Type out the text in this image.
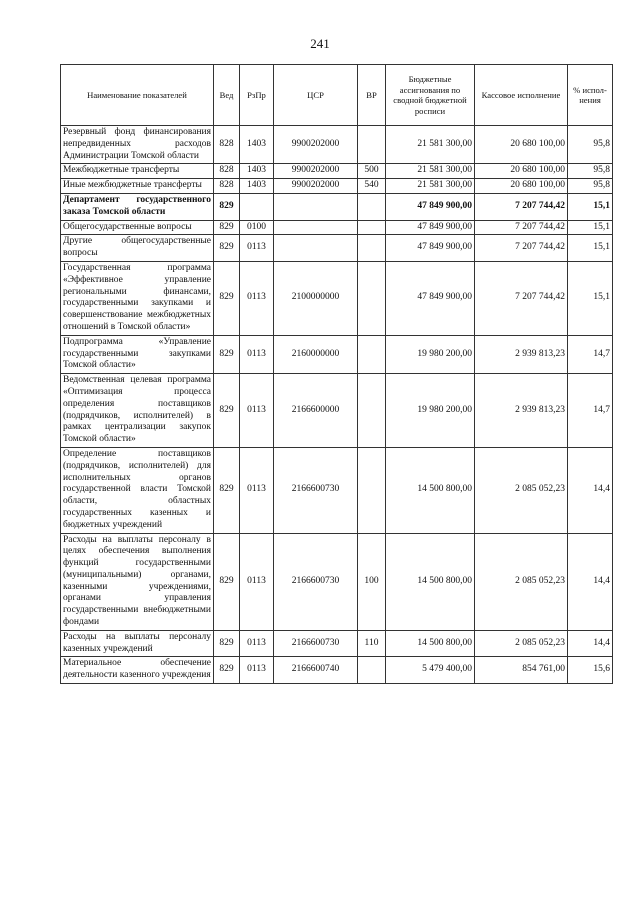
241
Наименование показателей	Вед	РзПр	ЦСР	ВР	Бюджетные ассигнования по сводной бюджетной росписи	Кассовое исполнение	% испол-нения
Резервный фонд финансирования непредвиденных расходов Администрации Томской области	828	1403	9900202000		21 581 300,00	20 680 100,00	95,8
Межбюджетные трансферты	828	1403	9900202000	500	21 581 300,00	20 680 100,00	95,8
Иные межбюджетные трансферты	828	1403	9900202000	540	21 581 300,00	20 680 100,00	95,8
Департамент государственного заказа Томской области	829				47 849 900,00	7 207 744,42	15,1
Общегосударственные вопросы	829	0100			47 849 900,00	7 207 744,42	15,1
Другие общегосударственные вопросы	829	0113			47 849 900,00	7 207 744,42	15,1
Государственная программа «Эффективное управление региональными финансами, государственными закупками и совершенствование межбюджетных отношений в Томской области»	829	0113	2100000000		47 849 900,00	7 207 744,42	15,1
Подпрограмма «Управление государственными закупками Томской области»	829	0113	2160000000		19 980 200,00	2 939 813,23	14,7
Ведомственная целевая программа «Оптимизация процесса определения поставщиков (подрядчиков, исполнителей) в рамках централизации закупок Томской области»	829	0113	2166600000		19 980 200,00	2 939 813,23	14,7
Определение поставщиков (подрядчиков, исполнителей) для исполнительных органов государственной власти Томской области, областных государственных казенных и бюджетных учреждений	829	0113	2166600730		14 500 800,00	2 085 052,23	14,4
Расходы на выплаты персоналу в целях обеспечения выполнения функций государственными (муниципальными) органами, казенными учреждениями, органами управления государственными внебюджетными фондами	829	0113	2166600730	100	14 500 800,00	2 085 052,23	14,4
Расходы на выплаты персоналу казенных учреждений	829	0113	2166600730	110	14 500 800,00	2 085 052,23	14,4
Материальное обеспечение деятельности казенного учреждения	829	0113	2166600740		5 479 400,00	854 761,00	15,6
